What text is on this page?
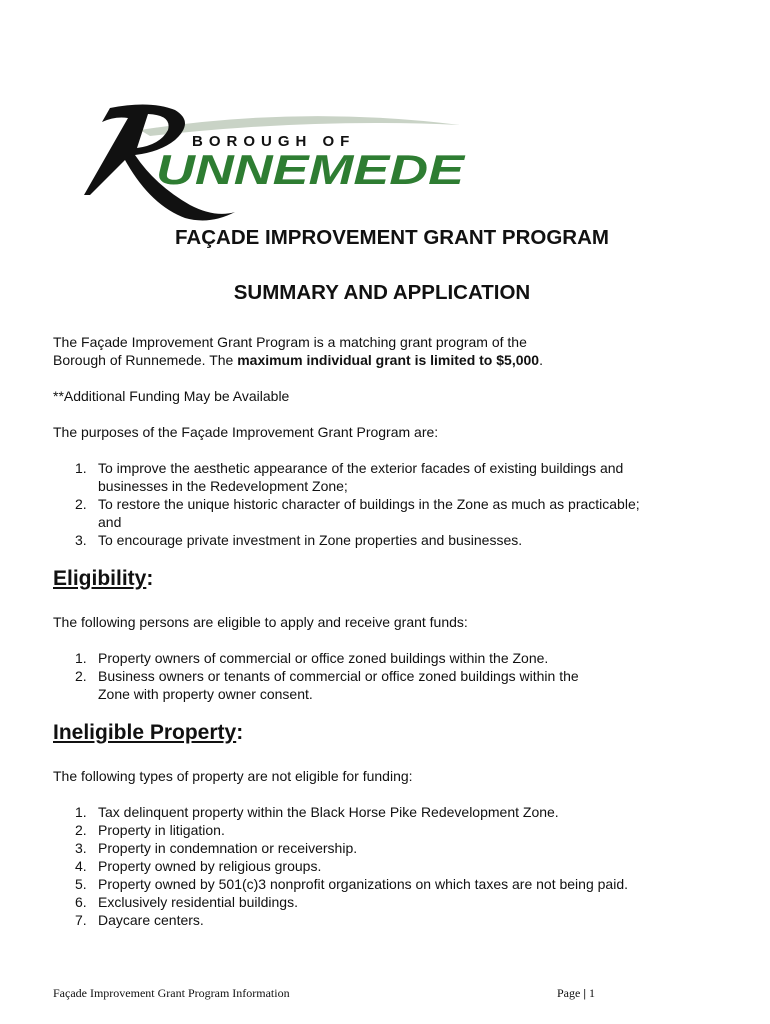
BOROUGH OF
UNNEMEDE
FAÇADE IMPROVEMENT GRANT PROGRAM
SUMMARY AND APPLICATION
The Façade Improvement Grant Program is a matching grant program of the
Borough of Runnemede. The maximum individual grant is limited to $5,000.
**Additional Funding May be Available
The purposes of the Façade Improvement Grant Program are:
1. To improve the aesthetic appearance of the exterior facades of existing buildings and
businesses in the Redevelopment Zone;
2. To restore the unique historic character of buildings in the Zone as much as practicable;
and
3. To encourage private investment in Zone properties and businesses.
Eligibility:
The following persons are eligible to apply and receive grant funds:
1. Property owners of commercial or office zoned buildings within the Zone.
2. Business owners or tenants of commercial or office zoned buildings within the
Zone with property owner consent.
Ineligible Property:
The following types of property are not eligible for funding:
1. Tax delinquent property within the Black Horse Pike Redevelopment Zone.
2. Property in litigation.
3. Property in condemnation or receivership.
4. Property owned by religious groups.
5. Property owned by 501(c)3 nonprofit organizations on which taxes are not being paid.
6. Exclusively residential buildings.
7. Daycare centers.
Façade Improvement Grant Program Information	Page | 1
